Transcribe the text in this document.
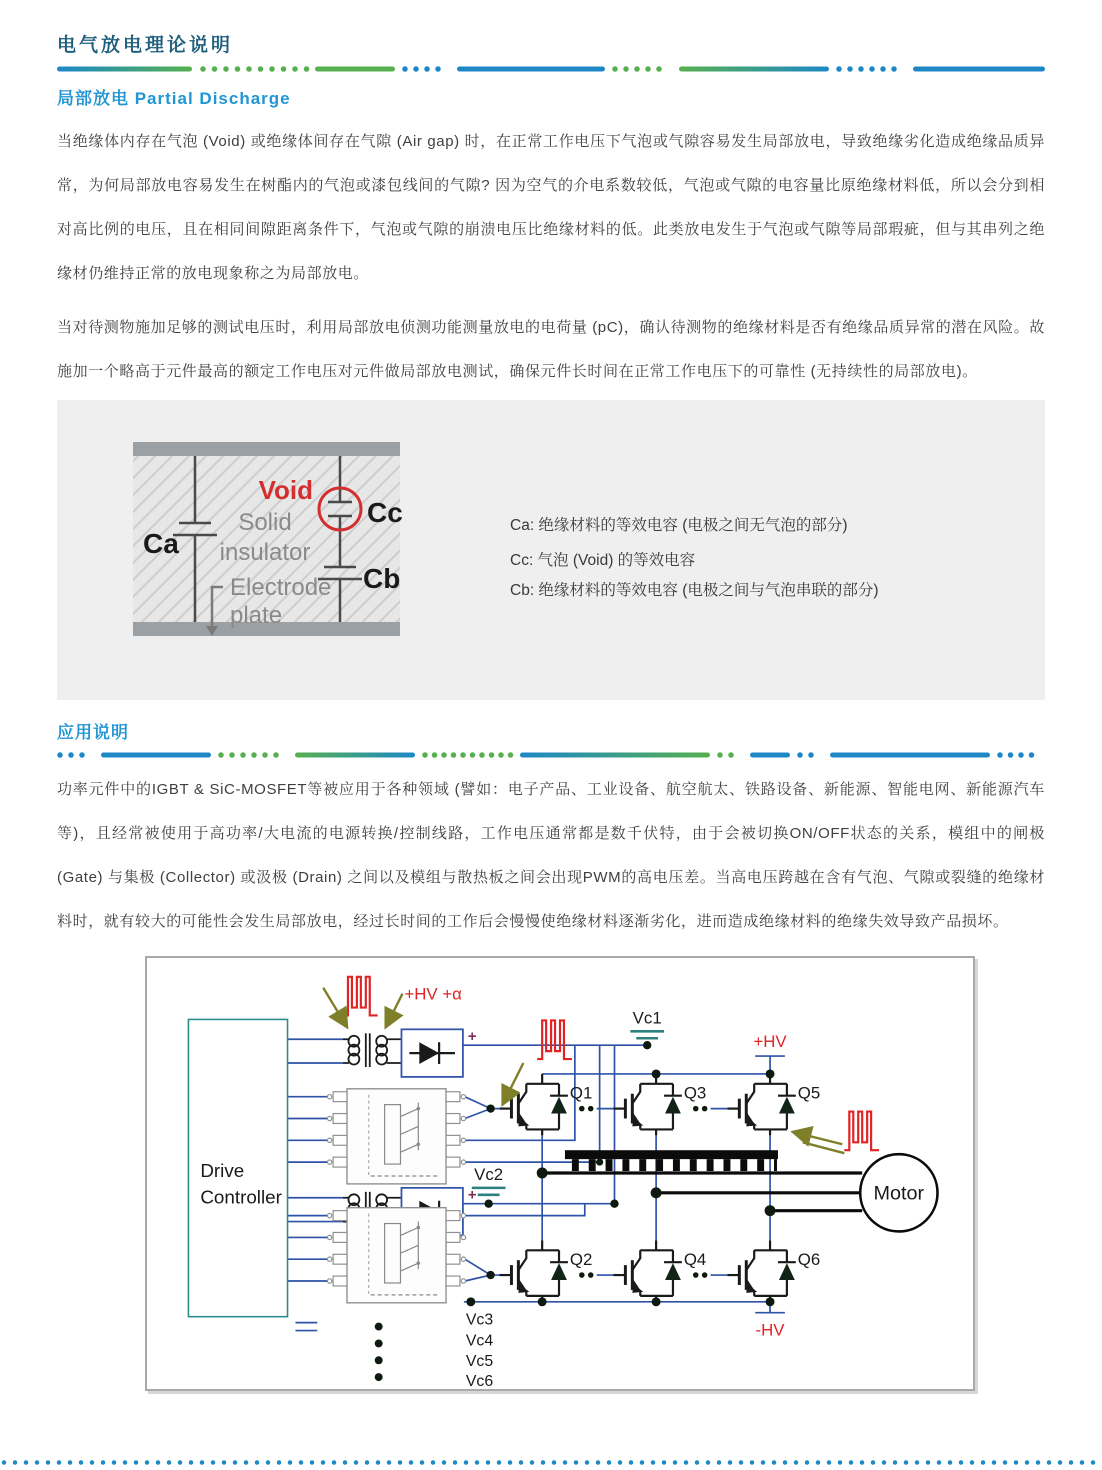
电气放电理论说明
局部放电 Partial Discharge

当绝缘体内存在气泡 (Void) 或绝缘体间存在气隙 (Air gap) 时，在正常工作电压下气泡或气隙容易发生局部放电，导致绝缘劣化造成绝缘品质异常，为何局部放电容易发生在树酯内的气泡或漆包线间的气隙? 因为空气的介电系数较低，气泡或气隙的电容量比原绝缘材料低，所以会分到相对高比例的电压，且在相同间隙距离条件下，气泡或气隙的崩溃电压比绝缘材料的低。此类放电发生于气泡或气隙等局部瑕疵，但与其串列之绝缘材仍维持正常的放电现象称之为局部放电。

当对待测物施加足够的测试电压时，利用局部放电侦测功能测量放电的电荷量 (pC)，确认待测物的绝缘材料是否有绝缘品质异常的潜在风险。故施加一个略高于元件最高的额定工作电压对元件做局部放电测试，确保元件长时间在正常工作电压下的可靠性 (无持续性的局部放电)。

Ca
Void
Cc
Cb
Solid
insulator
Electrode
plate
Ca: 绝缘材料的等效电容 (电极之间无气泡的部分)
Cc: 气泡 (Void) 的等效电容
Cb: 绝缘材料的等效电容 (电极之间与气泡串联的部分)
应用说明

功率元件中的IGBT & SiC-MOSFET等被应用于各种领域 (譬如：电子产品、工业设备、航空航太、铁路设备、新能源、智能电网、新能源汽车等)，且经常被使用于高功率/大电流的电源转换/控制线路，工作电压通常都是数千伏特，由于会被切换ON/OFF状态的关系，模组中的闸极 (Gate) 与集极 (Collector) 或汲极 (Drain) 之间以及模组与散热板之间会出现PWM的高电压差。当高电压跨越在含有气泡、气隙或裂缝的绝缘材料时，就有较大的可能性会发生局部放电，经过长时间的工作后会慢慢使绝缘材料逐渐劣化，进而造成绝缘材料的绝缘失效导致产品损坏。

Drive
Controller
+
+
Vc1
Vc2
Q1	Q3	Q5
Q2	Q4	Q6
Motor
+HV +α
+HV
-HV
Vc3
Vc4
Vc5
Vc6
